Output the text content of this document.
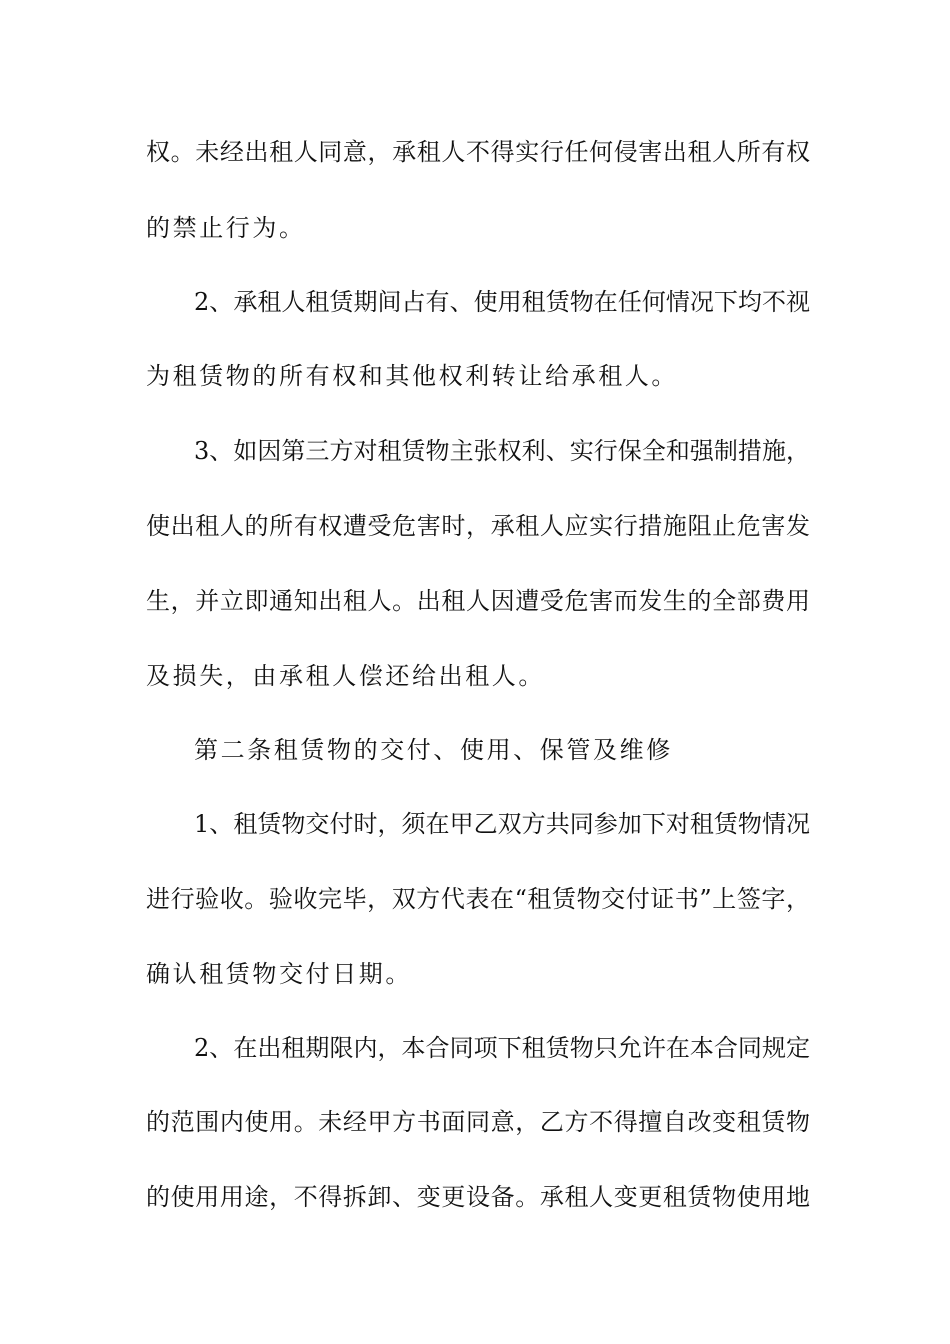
权。未经出租人同意，承租人不得实行任何侵害出租人所有权
的禁止行为。
2、承租人租赁期间占有、使用租赁物在任何情况下均不视
为租赁物的所有权和其他权利转让给承租人。
3、如因第三方对租赁物主张权利、实行保全和强制措施，
使出租人的所有权遭受危害时，承租人应实行措施阻止危害发
生，并立即通知出租人。出租人因遭受危害而发生的全部费用
及损失，由承租人偿还给出租人。
第二条租赁物的交付、使用、保管及维修
1、租赁物交付时，须在甲乙双方共同参加下对租赁物情况
进行验收。验收完毕，双方代表在“租赁物交付证书”上签字，
确认租赁物交付日期。
2、在出租期限内，本合同项下租赁物只允许在本合同规定
的范围内使用。未经甲方书面同意，乙方不得擅自改变租赁物
的使用用途，不得拆卸、变更设备。承租人变更租赁物使用地
